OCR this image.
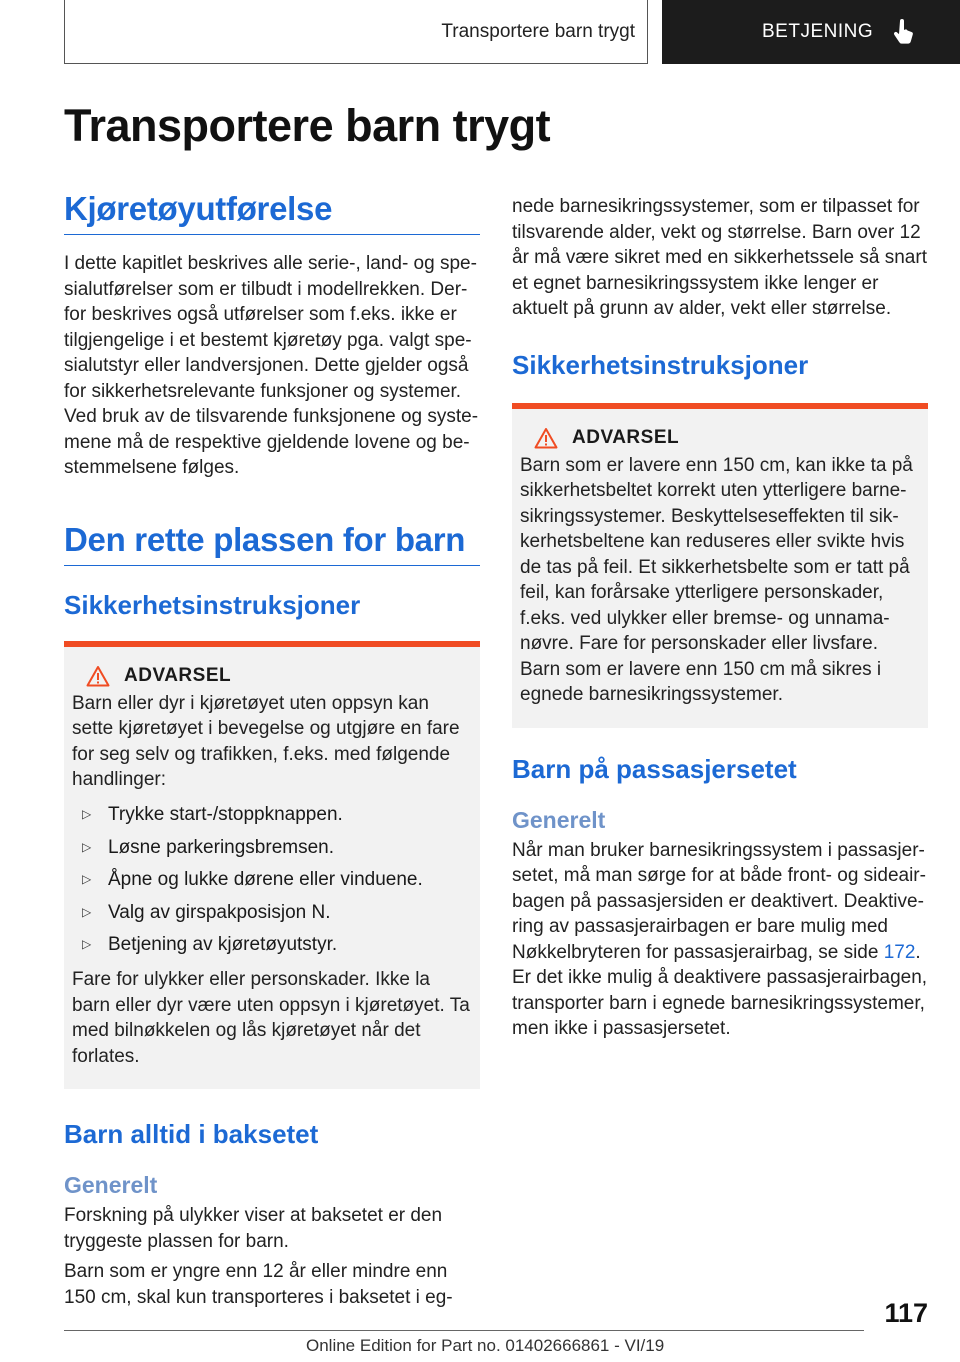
Transportere barn trygt	BETJENING
Transportere barn trygt
Kjøretøyutførelse

I dette kapitlet beskrives alle serie-, land- og spe-sialutførelser som er tilbudt i modellrekken. Der-for beskrives også utførelser som f.eks. ikke er tilgjengelige i et bestemt kjøretøy pga. valgt spe-sialutstyr eller landversjonen. Dette gjelder også for sikkerhetsrelevante funksjoner og systemer. Ved bruk av de tilsvarende funksjonene og syste-mene må de respektive gjeldende lovene og be-stemmelsene følges.

Den rette plassen for barn
Sikkerhetsinstruksjoner
ADVARSEL

Barn eller dyr i kjøretøyet uten oppsyn kan sette kjøretøyet i bevegelse og utgjøre en fare for seg selv og trafikken, f.eks. med følgende handlinger:

▷ Trykke start-/stoppknappen.
▷ Løsne parkeringsbremsen.
▷ Åpne og lukke dørene eller vinduene.
▷ Valg av girspakposisjon N.
▷ Betjening av kjøretøyutstyr.

Fare for ulykker eller personskader. Ikke la barn eller dyr være uten oppsyn i kjøretøyet. Ta med bilnøkkelen og lås kjøretøyet når det forlates.

Barn alltid i baksetet
Generelt

Forskning på ulykker viser at baksetet er den tryggeste plassen for barn.

Barn som er yngre enn 12 år eller mindre enn 150 cm, skal kun transporteres i baksetet i eg-

nede barnesikringssystemer, som er tilpasset for tilsvarende alder, vekt og størrelse. Barn over 12 år må være sikret med en sikkerhetssele så snart et egnet barnesikringssystem ikke lenger er aktuelt på grunn av alder, vekt eller størrelse.

Sikkerhetsinstruksjoner
ADVARSEL

Barn som er lavere enn 150 cm, kan ikke ta på sikkerhetsbeltet korrekt uten ytterligere barne-sikringssystemer. Beskyttelseseffekten til sik-kerhetsbeltene kan reduseres eller svikte hvis de tas på feil. Et sikkerhetsbelte som er tatt på feil, kan forårsake ytterligere personskader, f.eks. ved ulykker eller bremse- og unnama-nøvre. Fare for personskader eller livsfare. Barn som er lavere enn 150 cm må sikres i egnede barnesikringssystemer.

Barn på passasjersetet
Generelt

Når man bruker barnesikringssystem i passasjer-setet, må man sørge for at både front- og sideair-bagen på passasjersiden er deaktivert. Deaktive-ring av passasjerairbagen er bare mulig med Nøkkelbryteren for passasjerairbag, se side 172.
Er det ikke mulig å deaktivere passasjerairbagen, transporter barn i egnede barnesikringssystemer, men ikke i passasjersetet.

117
Online Edition for Part no. 01402666861 - VI/19
